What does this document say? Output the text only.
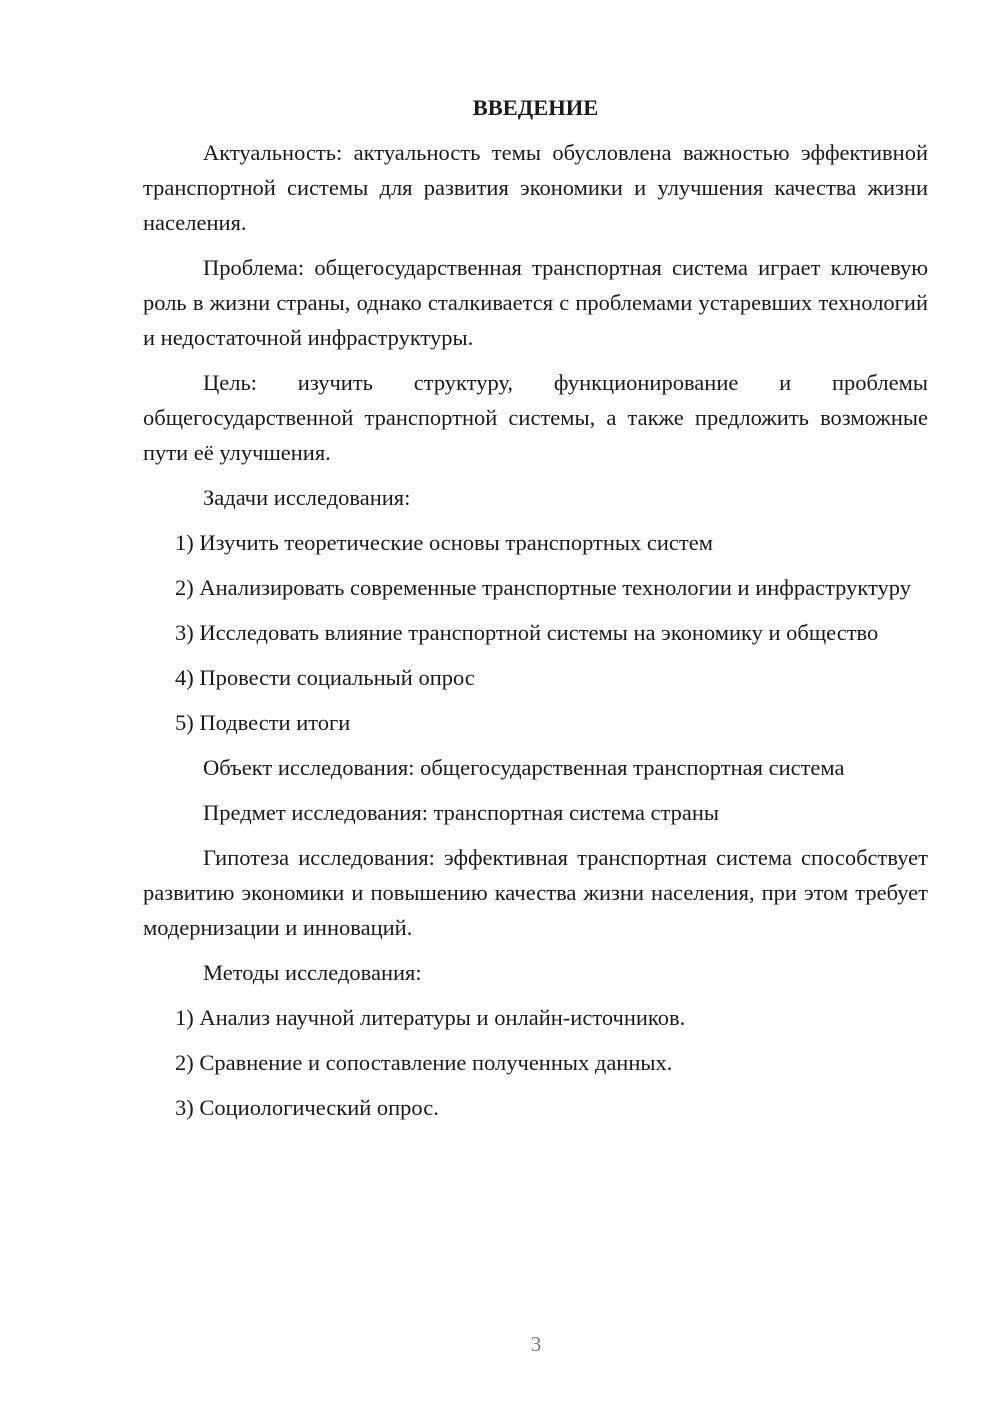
ВВЕДЕНИЕ

Актуальность: актуальность темы обусловлена важностью эффективной транспортной системы для развития экономики и улучшения качества жизни населения.

Проблема: общегосударственная транспортная система играет ключевую роль в жизни страны, однако сталкивается с проблемами устаревших технологий и недостаточной инфраструктуры.

Цель: изучить структуру, функционирование и проблемы общегосударственной транспортной системы, а также предложить возможные пути её улучшения.

Задачи исследования:

1) Изучить теоретические основы транспортных систем

2) Анализировать современные транспортные технологии и инфраструктуру

3) Исследовать влияние транспортной системы на экономику и общество

4) Провести социальный опрос

5) Подвести итоги

Объект исследования: общегосударственная транспортная система

Предмет исследования: транспортная система страны

Гипотеза исследования: эффективная транспортная система способствует развитию экономики и повышению качества жизни населения, при этом требует модернизации и инноваций.

Методы исследования:

1) Анализ научной литературы и онлайн-источников.

2) Сравнение и сопоставление полученных данных.

3) Социологический опрос.

3
